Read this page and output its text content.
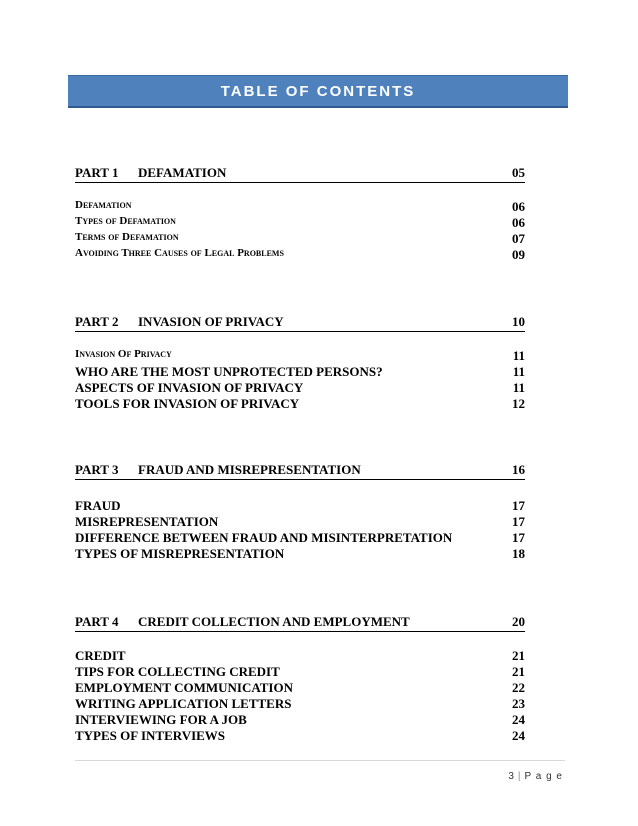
TABLE OF CONTENTS
PART 1 DEFAMATION	05
Defamation	06
Types of Defamation	06
Terms of Defamation	07
Avoiding Three Causes of Legal Problems	09
PART 2 INVASION OF PRIVACY	10
Invasion Of Privacy	11
WHO ARE THE MOST UNPROTECTED PERSONS?	11
ASPECTS OF INVASION OF PRIVACY	11
TOOLS FOR INVASION OF PRIVACY	12
PART 3 FRAUD AND MISREPRESENTATION	16
FRAUD	17
MISREPRESENTATION	17
DIFFERENCE BETWEEN FRAUD AND MISINTERPRETATION	17
TYPES OF MISREPRESENTATION	18
PART 4 CREDIT COLLECTION AND EMPLOYMENT	20
CREDIT	21
TIPS FOR COLLECTING CREDIT	21
EMPLOYMENT COMMUNICATION	22
WRITING APPLICATION LETTERS	23
INTERVIEWING FOR A JOB	24
TYPES OF INTERVIEWS	24
3 | P a g e
